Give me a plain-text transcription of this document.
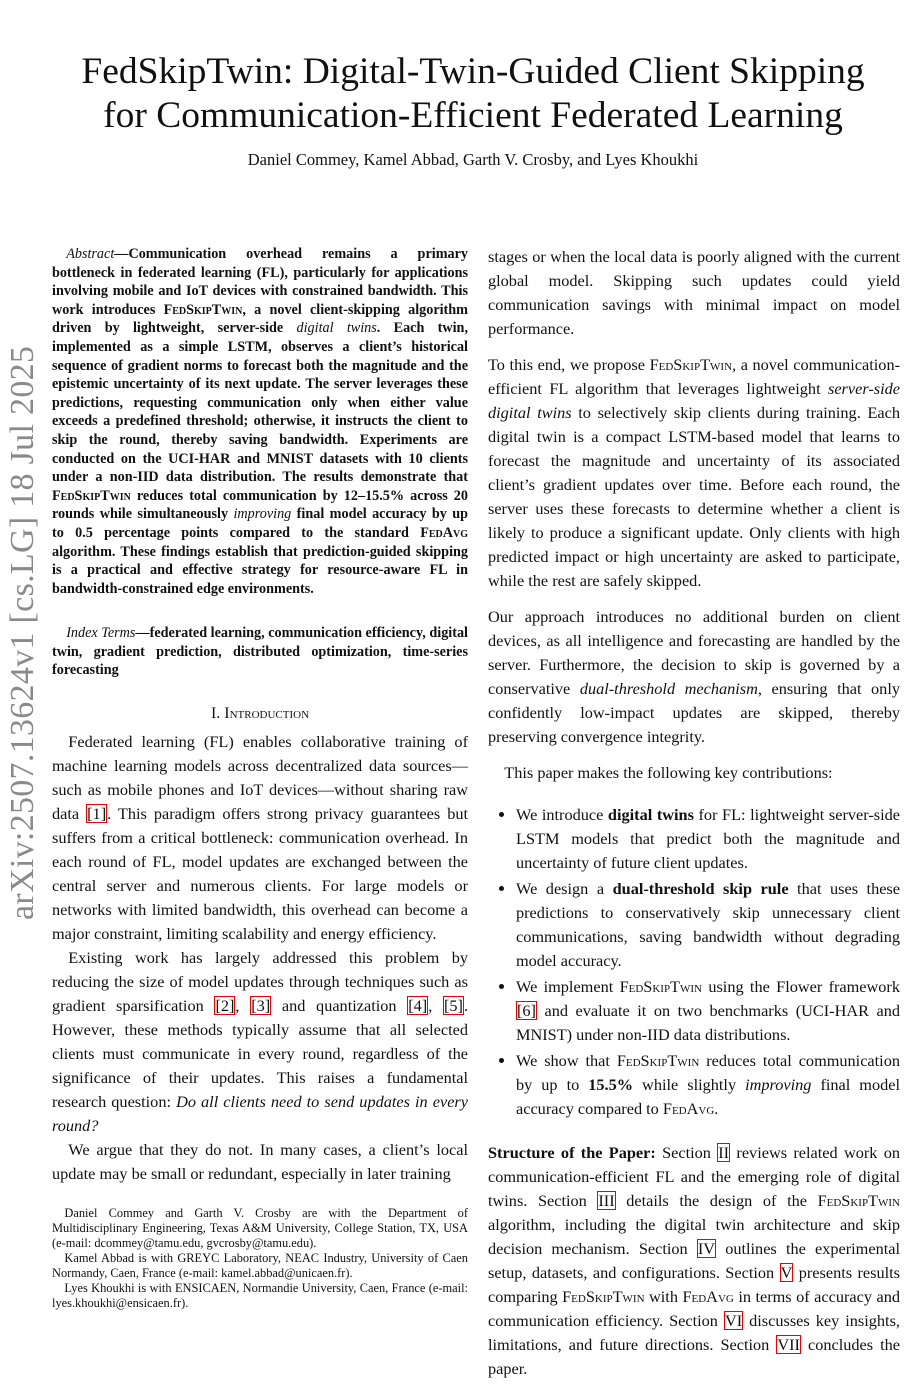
arXiv:2507.13624v1 [cs.LG] 18 Jul 2025
FedSkipTwin: Digital-Twin-Guided Client Skipping
for Communication-Efficient Federated Learning
Daniel Commey, Kamel Abbad, Garth V. Crosby, and Lyes Khoukhi
Abstract—Communication overhead remains a primary bottleneck in federated learning (FL), particularly for applications involving mobile and IoT devices with constrained bandwidth. This work introduces FedSkipTwin, a novel client-skipping algorithm driven by lightweight, server-side digital twins. Each twin, implemented as a simple LSTM, observes a client’s historical sequence of gradient norms to forecast both the magnitude and the epistemic uncertainty of its next update. The server leverages these predictions, requesting communication only when either value exceeds a predefined threshold; otherwise, it instructs the client to skip the round, thereby saving bandwidth. Experiments are conducted on the UCI-HAR and MNIST datasets with 10 clients under a non-IID data distribution. The results demonstrate that FedSkipTwin reduces total communication by 12–15.5% across 20 rounds while simultaneously improving final model accuracy by up to 0.5 percentage points compared to the standard FedAvg algorithm. These findings establish that prediction-guided skipping is a practical and effective strategy for resource-aware FL in bandwidth-constrained edge environments.
Index Terms—federated learning, communication efficiency, digital twin, gradient prediction, distributed optimization, time-series forecasting
I. Introduction

Federated learning (FL) enables collaborative training of machine learning models across decentralized data sources—such as mobile phones and IoT devices—without sharing raw data [1]. This paradigm offers strong privacy guarantees but suffers from a critical bottleneck: communication overhead. In each round of FL, model updates are exchanged between the central server and numerous clients. For large models or networks with limited bandwidth, this overhead can become a major constraint, limiting scalability and energy efficiency.

Existing work has largely addressed this problem by reducing the size of model updates through techniques such as gradient sparsification [2], [3] and quantization [4], [5]. However, these methods typically assume that all selected clients must communicate in every round, regardless of the significance of their updates. This raises a fundamental research question: Do all clients need to send updates in every round?

We argue that they do not. In many cases, a client’s local update may be small or redundant, especially in later training

Daniel Commey and Garth V. Crosby are with the Department of Multidisciplinary Engineering, Texas A&M University, College Station, TX, USA (e-mail: dcommey@tamu.edu, gvcrosby@tamu.edu).

Kamel Abbad is with GREYC Laboratory, NEAC Industry, University of Caen Normandy, Caen, France (e-mail: kamel.abbad@unicaen.fr).

Lyes Khoukhi is with ENSICAEN, Normandie University, Caen, France (e-mail: lyes.khoukhi@ensicaen.fr).

stages or when the local data is poorly aligned with the current global model. Skipping such updates could yield communication savings with minimal impact on model performance.

To this end, we propose FedSkipTwin, a novel communication-efficient FL algorithm that leverages lightweight server-side digital twins to selectively skip clients during training. Each digital twin is a compact LSTM-based model that learns to forecast the magnitude and uncertainty of its associated client’s gradient updates over time. Before each round, the server uses these forecasts to determine whether a client is likely to produce a significant update. Only clients with high predicted impact or high uncertainty are asked to participate, while the rest are safely skipped.

Our approach introduces no additional burden on client devices, as all intelligence and forecasting are handled by the server. Furthermore, the decision to skip is governed by a conservative dual-threshold mechanism, ensuring that only confidently low-impact updates are skipped, thereby preserving convergence integrity.

This paper makes the following key contributions:

• We introduce digital twins for FL: lightweight server-side LSTM models that predict both the magnitude and uncertainty of future client updates.
• We design a dual-threshold skip rule that uses these predictions to conservatively skip unnecessary client communications, saving bandwidth without degrading model accuracy.
• We implement FedSkipTwin using the Flower framework [6] and evaluate it on two benchmarks (UCI-HAR and MNIST) under non-IID data distributions.
• We show that FedSkipTwin reduces total communication by up to 15.5% while slightly improving final model accuracy compared to FedAvg.

Structure of the Paper: Section II reviews related work on communication-efficient FL and the emerging role of digital twins. Section III details the design of the FedSkipTwin algorithm, including the digital twin architecture and skip decision mechanism. Section IV outlines the experimental setup, datasets, and configurations. Section V presents results comparing FedSkipTwin with FedAvg in terms of accuracy and communication efficiency. Section VI discusses key insights, limitations, and future directions. Section VII concludes the paper.
